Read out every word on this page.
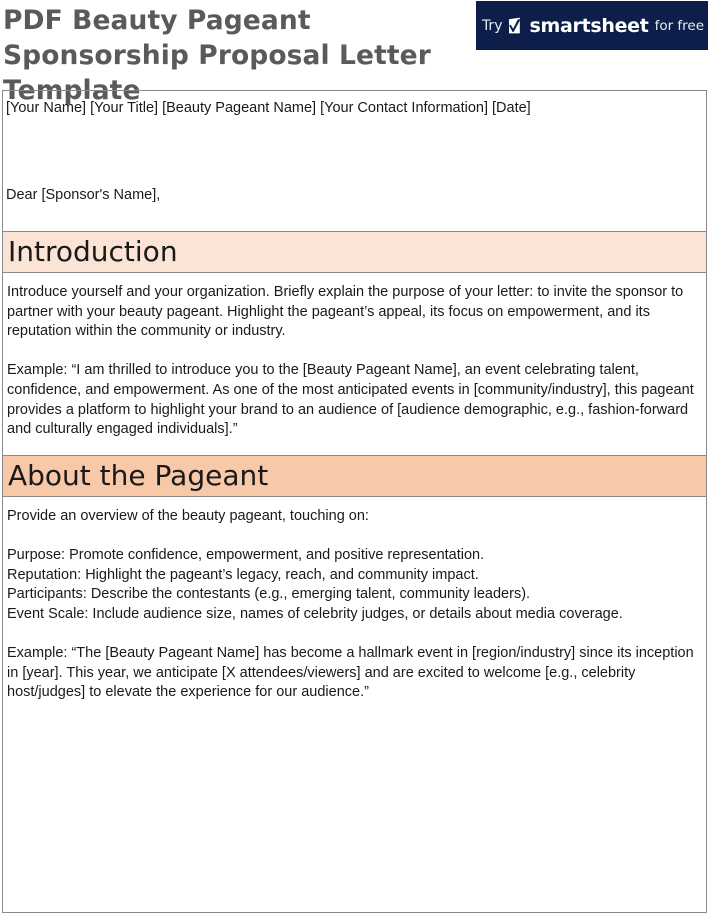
PDF Beauty Pageant Sponsorship Proposal Letter Template
Try smartsheet for free

[Your Name] [Your Title] [Beauty Pageant Name] [Your Contact Information] [Date]

Dear [Sponsor's Name],

Introduction

Introduce yourself and your organization. Briefly explain the purpose of your letter: to invite the sponsor to partner with your beauty pageant. Highlight the pageant’s appeal, its focus on empowerment, and its reputation within the community or industry.

Example: “I am thrilled to introduce you to the [Beauty Pageant Name], an event celebrating talent, confidence, and empowerment. As one of the most anticipated events in [community/industry], this pageant provides a platform to highlight your brand to an audience of [audience demographic, e.g., fashion-forward and culturally engaged individuals].”

About the Pageant

Provide an overview of the beauty pageant, touching on:

Purpose: Promote confidence, empowerment, and positive representation.

Reputation: Highlight the pageant’s legacy, reach, and community impact.

Participants: Describe the contestants (e.g., emerging talent, community leaders).

Event Scale: Include audience size, names of celebrity judges, or details about media coverage.

Example: “The [Beauty Pageant Name] has become a hallmark event in [region/industry] since its inception in [year]. This year, we anticipate [X attendees/viewers] and are excited to welcome [e.g., celebrity host/judges] to elevate the experience for our audience.”
